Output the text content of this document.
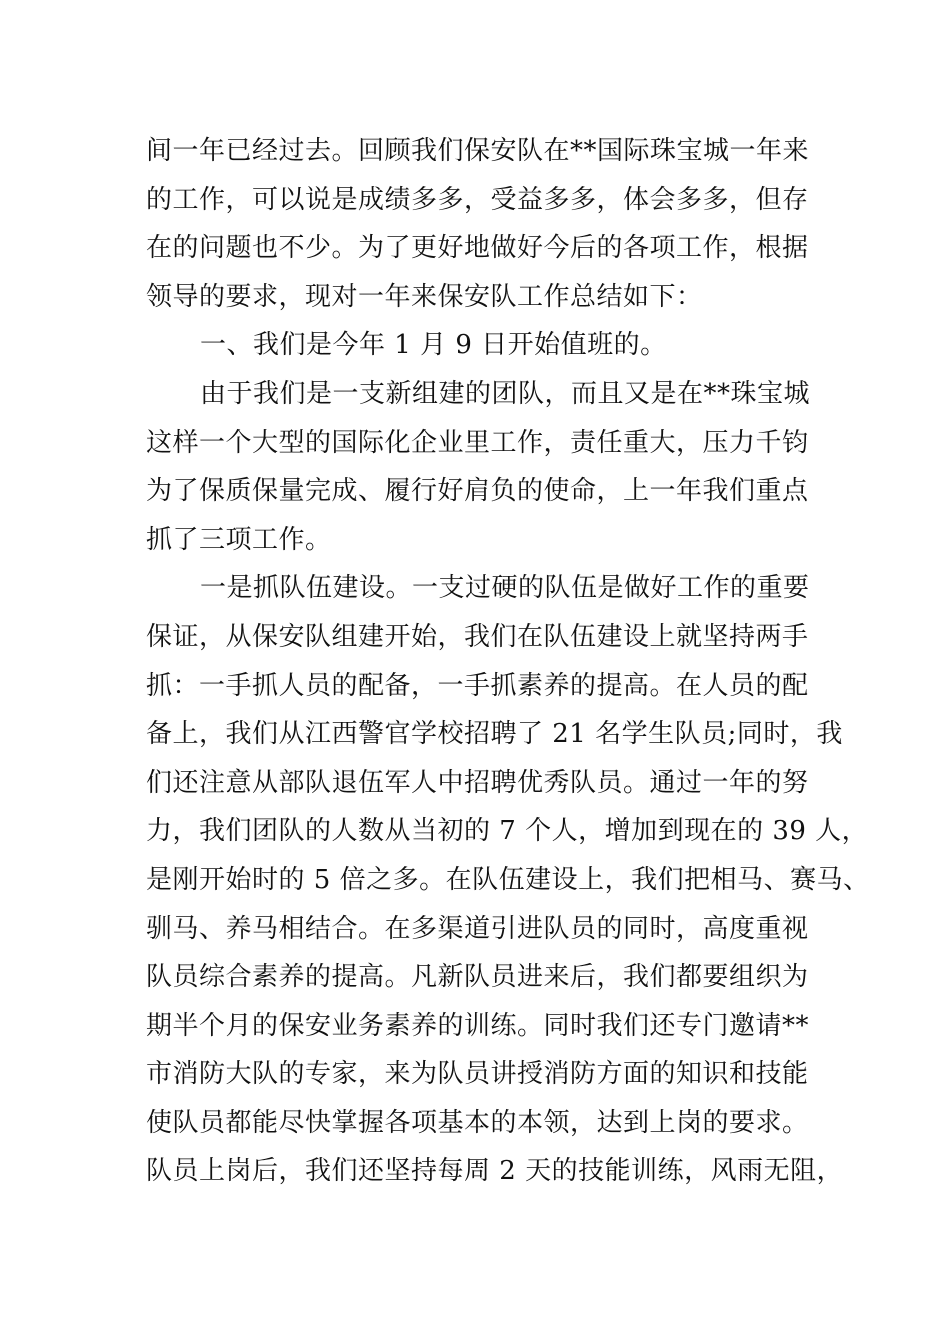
间一年已经过去。回顾我们保安队在**国际珠宝城一年来
的工作，可以说是成绩多多，受益多多，体会多多，但存
在的问题也不少。为了更好地做好今后的各项工作，根据
领导的要求，现对一年来保安队工作总结如下：
一、我们是今年 1 月 9 日开始值班的。
由于我们是一支新组建的团队，而且又是在**珠宝城
这样一个大型的国际化企业里工作，责任重大，压力千钧
为了保质保量完成、履行好肩负的使命，上一年我们重点
抓了三项工作。
一是抓队伍建设。一支过硬的队伍是做好工作的重要
保证，从保安队组建开始，我们在队伍建设上就坚持两手
抓：一手抓人员的配备，一手抓素养的提高。在人员的配
备上，我们从江西警官学校招聘了 21 名学生队员;同时，我
们还注意从部队退伍军人中招聘优秀队员。通过一年的努
力，我们团队的人数从当初的 7 个人，增加到现在的 39 人，
是刚开始时的 5 倍之多。在队伍建设上，我们把相马、赛马、
驯马、养马相结合。在多渠道引进队员的同时，高度重视
队员综合素养的提高。凡新队员进来后，我们都要组织为
期半个月的保安业务素养的训练。同时我们还专门邀请**
市消防大队的专家，来为队员讲授消防方面的知识和技能
使队员都能尽快掌握各项基本的本领，达到上岗的要求。
队员上岗后，我们还坚持每周 2 天的技能训练，风雨无阻，
